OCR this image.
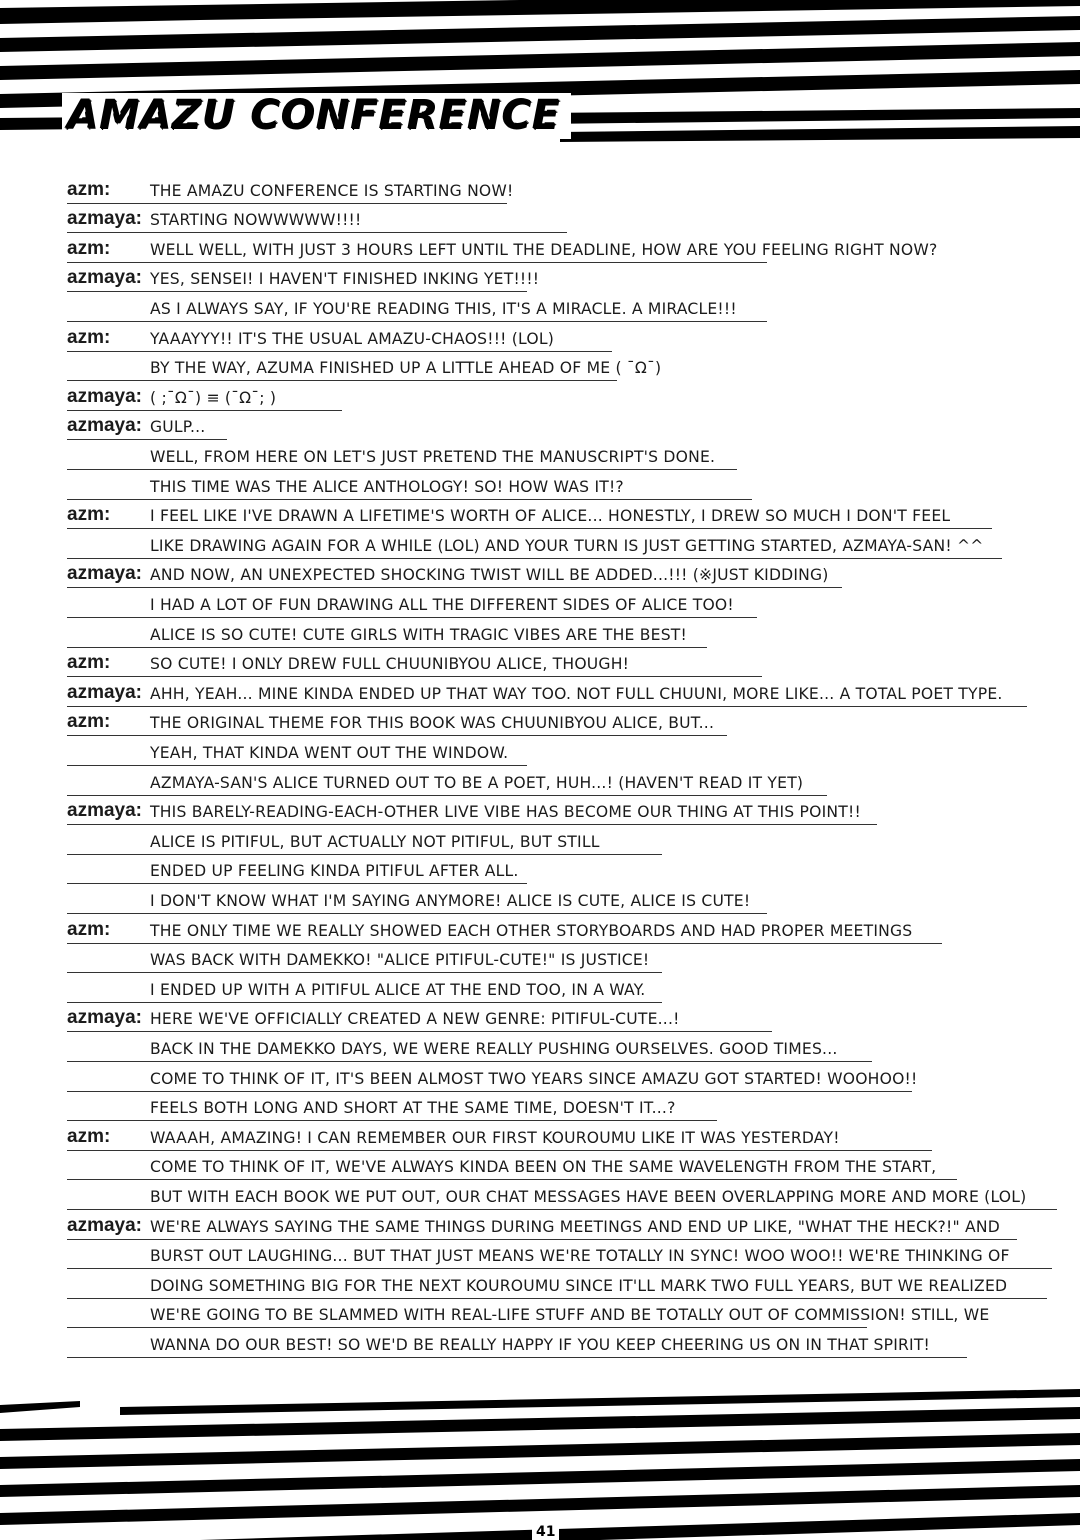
AMAZU CONFERENCE
azm:	THE AMAZU CONFERENCE IS STARTING NOW!
azmaya: STARTING NOWWWWW!!!!
azm:	WELL WELL, WITH JUST 3 HOURS LEFT UNTIL THE DEADLINE, HOW ARE YOU FEELING RIGHT NOW?
azmaya: YES, SENSEI! I HAVEN'T FINISHED INKING YET!!!!
AS I ALWAYS SAY, IF YOU'RE READING THIS, IT'S A MIRACLE. A MIRACLE!!!
azm:	YAAAYYY!! IT'S THE USUAL AMAZU-CHAOS!!! (LOL)
BY THE WAY, AZUMA FINISHED UP A LITTLE AHEAD OF ME ( ¯Ω¯)
azmaya: ( ;¯Ω¯) ≡ (¯Ω¯; )
azmaya: GULP...
WELL, FROM HERE ON LET'S JUST PRETEND THE MANUSCRIPT'S DONE.
THIS TIME WAS THE ALICE ANTHOLOGY! SO! HOW WAS IT!?
azm:	I FEEL LIKE I'VE DRAWN A LIFETIME'S WORTH OF ALICE... HONESTLY, I DREW SO MUCH I DON'T FEEL
LIKE DRAWING AGAIN FOR A WHILE (LOL) AND YOUR TURN IS JUST GETTING STARTED, AZMAYA-SAN! ^^
azmaya: AND NOW, AN UNEXPECTED SHOCKING TWIST WILL BE ADDED...!!! (※JUST KIDDING)
I HAD A LOT OF FUN DRAWING ALL THE DIFFERENT SIDES OF ALICE TOO!
ALICE IS SO CUTE! CUTE GIRLS WITH TRAGIC VIBES ARE THE BEST!
azm:	SO CUTE! I ONLY DREW FULL CHUUNIBYOU ALICE, THOUGH!
azmaya: AHH, YEAH... MINE KINDA ENDED UP THAT WAY TOO. NOT FULL CHUUNI, MORE LIKE... A TOTAL POET TYPE.
azm:	THE ORIGINAL THEME FOR THIS BOOK WAS CHUUNIBYOU ALICE, BUT...
YEAH, THAT KINDA WENT OUT THE WINDOW.
AZMAYA-SAN'S ALICE TURNED OUT TO BE A POET, HUH...! (HAVEN'T READ IT YET)
azmaya: THIS BARELY-READING-EACH-OTHER LIVE VIBE HAS BECOME OUR THING AT THIS POINT!!
ALICE IS PITIFUL, BUT ACTUALLY NOT PITIFUL, BUT STILL
ENDED UP FEELING KINDA PITIFUL AFTER ALL.
I DON'T KNOW WHAT I'M SAYING ANYMORE! ALICE IS CUTE, ALICE IS CUTE!
azm:	THE ONLY TIME WE REALLY SHOWED EACH OTHER STORYBOARDS AND HAD PROPER MEETINGS
WAS BACK WITH DAMEKKO! "ALICE PITIFUL-CUTE!" IS JUSTICE!
I ENDED UP WITH A PITIFUL ALICE AT THE END TOO, IN A WAY.
azmaya: HERE WE'VE OFFICIALLY CREATED A NEW GENRE: PITIFUL-CUTE...!
BACK IN THE DAMEKKO DAYS, WE WERE REALLY PUSHING OURSELVES. GOOD TIMES...
COME TO THINK OF IT, IT'S BEEN ALMOST TWO YEARS SINCE AMAZU GOT STARTED! WOOHOO!!
FEELS BOTH LONG AND SHORT AT THE SAME TIME, DOESN'T IT...?
azm:	WAAAH, AMAZING! I CAN REMEMBER OUR FIRST KOUROUMU LIKE IT WAS YESTERDAY!
COME TO THINK OF IT, WE'VE ALWAYS KINDA BEEN ON THE SAME WAVELENGTH FROM THE START,
BUT WITH EACH BOOK WE PUT OUT, OUR CHAT MESSAGES HAVE BEEN OVERLAPPING MORE AND MORE (LOL)
azmaya: WE'RE ALWAYS SAYING THE SAME THINGS DURING MEETINGS AND END UP LIKE, "WHAT THE HECK?!" AND
BURST OUT LAUGHING... BUT THAT JUST MEANS WE'RE TOTALLY IN SYNC! WOO WOO!! WE'RE THINKING OF
DOING SOMETHING BIG FOR THE NEXT KOUROUMU SINCE IT'LL MARK TWO FULL YEARS, BUT WE REALIZED
WE'RE GOING TO BE SLAMMED WITH REAL-LIFE STUFF AND BE TOTALLY OUT OF COMMISSION! STILL, WE
WANNA DO OUR BEST! SO WE'D BE REALLY HAPPY IF YOU KEEP CHEERING US ON IN THAT SPIRIT!
41
